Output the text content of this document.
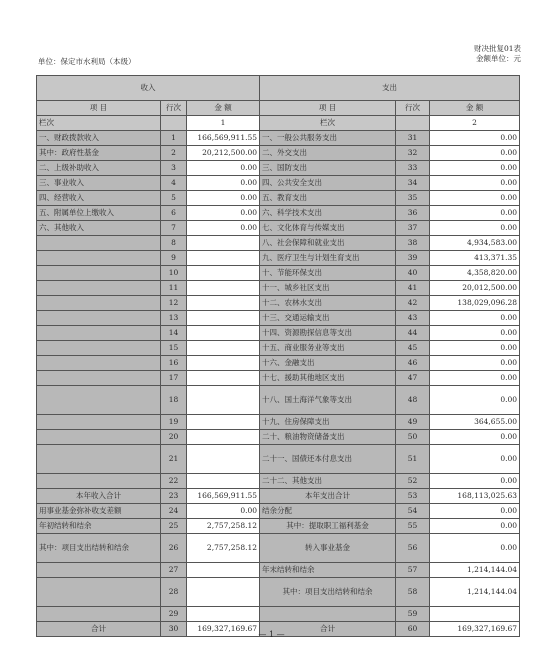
财决批复01表
金额单位：元
单位：保定市水利局（本级）
收入			支出		
项 目	行次	金 额	项 目	行次	金 额
栏次		1	栏次		2
一、财政拨款收入	1	166,569,911.55	一、一般公共服务支出	31	0.00
其中：政府性基金	2	20,212,500.00	二、外交支出	32	0.00
二、上级补助收入	3	0.00	三、国防支出	33	0.00
三、事业收入	4	0.00	四、公共安全支出	34	0.00
四、经营收入	5	0.00	五、教育支出	35	0.00
五、附属单位上缴收入	6	0.00	六、科学技术支出	36	0.00
六、其他收入	7	0.00	七、文化体育与传媒支出	37	0.00
	8		八、社会保障和就业支出	38	4,934,583.00
	9		九、医疗卫生与计划生育支出	39	413,371.35
	10		十、节能环保支出	40	4,358,820.00
	11		十一、城乡社区支出	41	20,012,500.00
	12		十二、农林水支出	42	138,029,096.28
	13		十三、交通运输支出	43	0.00
	14		十四、资源勘探信息等支出	44	0.00
	15		十五、商业服务业等支出	45	0.00
	16		十六、金融支出	46	0.00
	17		十七、援助其他地区支出	47	0.00
	18		十八、国土海洋气象等支出	48	0.00
	19		十九、住房保障支出	49	364,655.00
	20		二十、粮油物资储备支出	50	0.00
	21		二十一、国债还本付息支出	51	0.00
	22		二十二、其他支出	52	0.00
本年收入合计	23	166,569,911.55	本年支出合计	53	168,113,025.63
用事业基金弥补收支差额	24	0.00	结余分配	54	0.00
年初结转和结余	25	2,757,258.12	其中：提取职工福利基金	55	0.00
其中：项目支出结转和结余	26	2,757,258.12	转入事业基金	56	0.00
	27		年末结转和结余	57	1,214,144.04
	28		其中：项目支出结转和结余	58	1,214,144.04
	29			59	
合计	30	169,327,169.67	合计	60	169,327,169.67
— 1 —
